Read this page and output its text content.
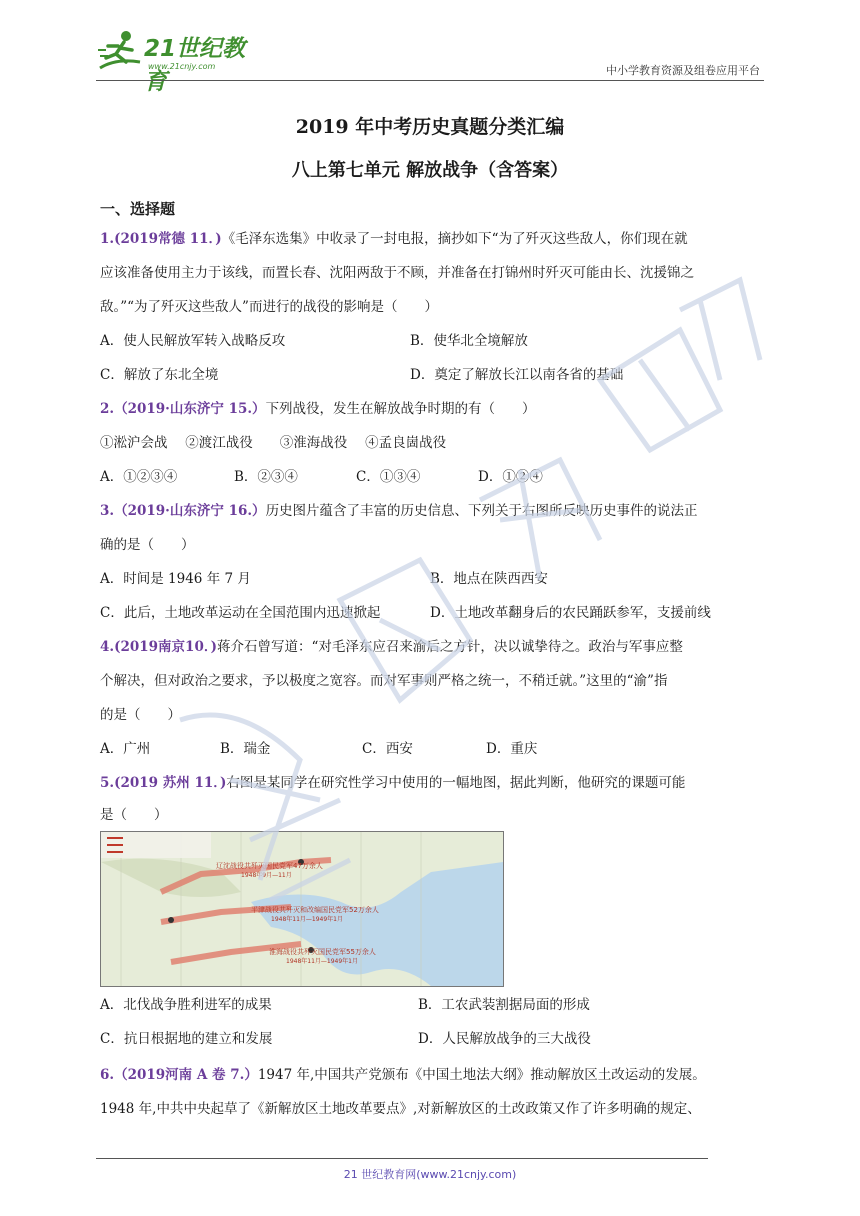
21世纪教育
www.21cnjy.com	中小学教育资源及组卷应用平台
2019 年中考历史真题分类汇编
八上第七单元 解放战争（含答案）
一、选择题
1.(2019常德 11．)《毛泽东选集》中收录了一封电报，摘抄如下“为了歼灭这些敌人，你们现在就
应该准备使用主力于该线，而置长春、沈阳两敌于不顾，并准备在打锦州时歼灭可能由长、沈援锦之
敌。”“为了歼灭这些敌人”而进行的战役的影响是（　　）
A．使人民解放军转入战略反攻	B．使华北全境解放
C．解放了东北全境	D．奠定了解放长江以南各省的基础
2.（2019·山东济宁 15.）下列战役，发生在解放战争时期的有（　　）
①淞沪会战　 ②渡江战役　　③淮海战役　 ④孟良崮战役
A．①②③④	B．②③④	C．①③④	D．①②④
3.（2019·山东济宁 16.）历史图片蕴含了丰富的历史信息、下列关于右图所反映历史事件的说法正
确的是（　　）
A．时间是 1946 年 7 月	B．地点在陕西西安
C．此后，土地改革运动在全国范围内迅速掀起	D．土地改革翻身后的农民踊跃参军，支援前线
4.(2019南京10．)蒋介石曾写道：“对毛泽东应召来渝后之方针，决以诚挚待之。政治与军事应整
个解决，但对政治之要求，予以极度之宽容。而对军事则严格之统一，不稍迁就。”这里的“渝”指
的是（　　）
A．广州	B．瑞金	C．西安	D．重庆
5.(2019 苏州 11．)右图是某同学在研究性学习中使用的一幅地图，据此判断，他研究的课题可能
是（　　）
辽沈战役共歼灭国民党军47万余人
1948年9月—11月
平津战役共歼灭和改编国民党军52万余人
1948年11月—1949年1月
淮海战役共歼灭国民党军55万余人
1948年11月—1949年1月
A．北伐战争胜利进军的成果	B．工农武装割据局面的形成
C．抗日根据地的建立和发展	D．人民解放战争的三大战役
6.（2019河南 A 卷 7.）1947 年,中国共产党颁布《中国土地法大纲》推动解放区土改运动的发展。
1948 年,中共中央起草了《新解放区土地改革要点》,对新解放区的土改政策又作了许多明确的规定、
21 世纪教育网(www.21cnjy.com)
